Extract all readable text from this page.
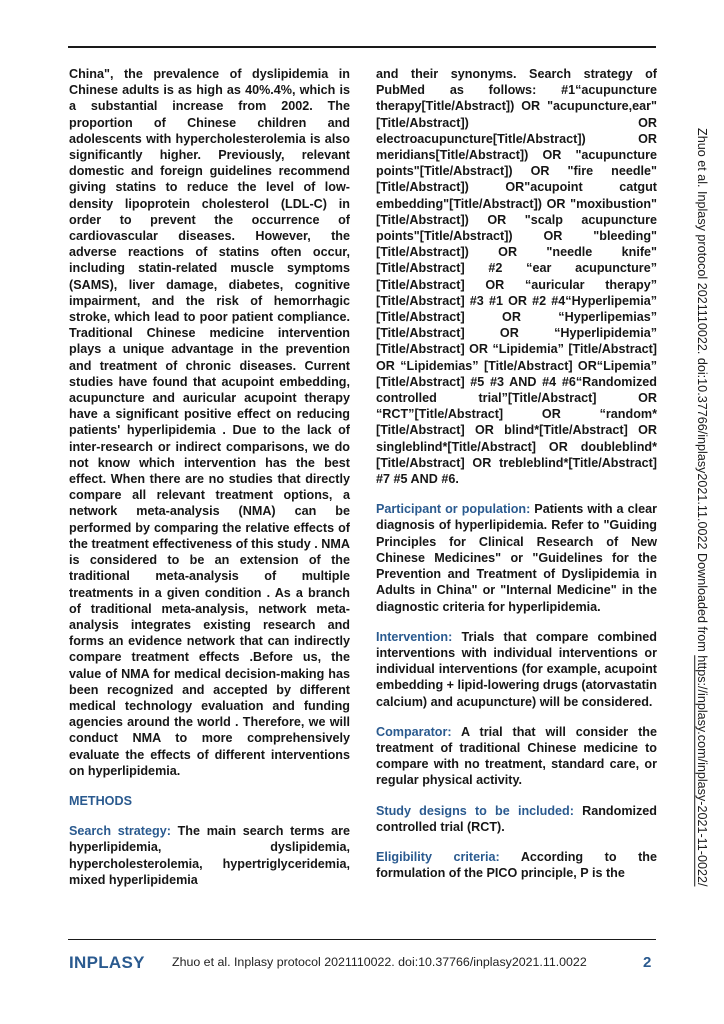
China", the prevalence of dyslipidemia in Chinese adults is as high as 40%.4%, which is a substantial increase from 2002. The proportion of Chinese children and adolescents with hypercholesterolemia is also significantly higher. Previously, relevant domestic and foreign guidelines recommend giving statins to reduce the level of low-density lipoprotein cholesterol (LDL-C) in order to prevent the occurrence of cardiovascular diseases. However, the adverse reactions of statins often occur, including statin-related muscle symptoms (SAMS), liver damage, diabetes, cognitive impairment, and the risk of hemorrhagic stroke, which lead to poor patient compliance. Traditional Chinese medicine intervention plays a unique advantage in the prevention and treatment of chronic diseases. Current studies have found that acupoint embedding, acupuncture and auricular acupoint therapy have a significant positive effect on reducing patients' hyperlipidemia . Due to the lack of inter-research or indirect comparisons, we do not know which intervention has the best effect. When there are no studies that directly compare all relevant treatment options, a network meta-analysis (NMA) can be performed by comparing the relative effects of the treatment effectiveness of this study . NMA is considered to be an extension of the traditional meta-analysis of multiple treatments in a given condition . As a branch of traditional meta-analysis, network meta-analysis integrates existing research and forms an evidence network that can indirectly compare treatment effects .Before us, the value of NMA for medical decision-making has been recognized and accepted by different medical technology evaluation and funding agencies around the world . Therefore, we will conduct NMA to more comprehensively evaluate the effects of different interventions on hyperlipidemia.

METHODS

Search strategy: The main search terms are hyperlipidemia, dyslipidemia, hypercholesterolemia, hypertriglyceridemia, mixed hyperlipidemia

and their synonyms. Search strategy of PubMed as follows: #1“acupuncture therapy[Title/Abstract]) OR "acupuncture,ear" [Title/Abstract]) OR electroacupuncture[Title/Abstract]) OR meridians[Title/Abstract]) OR "acupuncture points"[Title/Abstract]) OR "fire needle"[Title/Abstract]) OR"acupoint catgut embedding"[Title/Abstract]) OR "moxibustion"[Title/Abstract]) OR "scalp acupuncture points"[Title/Abstract]) OR "bleeding"[Title/Abstract]) OR "needle knife"[Title/Abstract] #2 “ear acupuncture” [Title/Abstract] OR “auricular therapy” [Title/Abstract] #3 #1 OR #2 #4“Hyperlipemia” [Title/Abstract] OR “Hyperlipemias” [Title/Abstract] OR “Hyperlipidemia” [Title/Abstract] OR “Lipidemia” [Title/Abstract] OR “Lipidemias” [Title/Abstract] OR“Lipemia” [Title/Abstract] #5 #3 AND #4 #6“Randomized controlled trial”[Title/Abstract] OR “RCT”[Title/Abstract] OR “random*[Title/Abstract] OR blind*[Title/Abstract] OR singleblind*[Title/Abstract] OR doubleblind*[Title/Abstract] OR trebleblind*[Title/Abstract] #7 #5 AND #6.

Participant or population: Patients with a clear diagnosis of hyperlipidemia. Refer to "Guiding Principles for Clinical Research of New Chinese Medicines" or "Guidelines for the Prevention and Treatment of Dyslipidemia in Adults in China" or "Internal Medicine" in the diagnostic criteria for hyperlipidemia.

Intervention: Trials that compare combined interventions with individual interventions or individual interventions (for example, acupoint embedding + lipid-lowering drugs (atorvastatin calcium) and acupuncture) will be considered.

Comparator: A trial that will consider the treatment of traditional Chinese medicine to compare with no treatment, standard care, or regular physical activity.

Study designs to be included: Randomized controlled trial (RCT).

Eligibility criteria: According to the formulation of the PICO principle, P is the

Zhuo et al. Inplasy protocol 2021110022. doi:10.37766/inplasy2021.11.0022 Downloaded from https://inplasy.com/inplasy-2021-11-0022/
INPLASY Zhuo et al. Inplasy protocol 2021110022. doi:10.37766/inplasy2021.11.0022	2
